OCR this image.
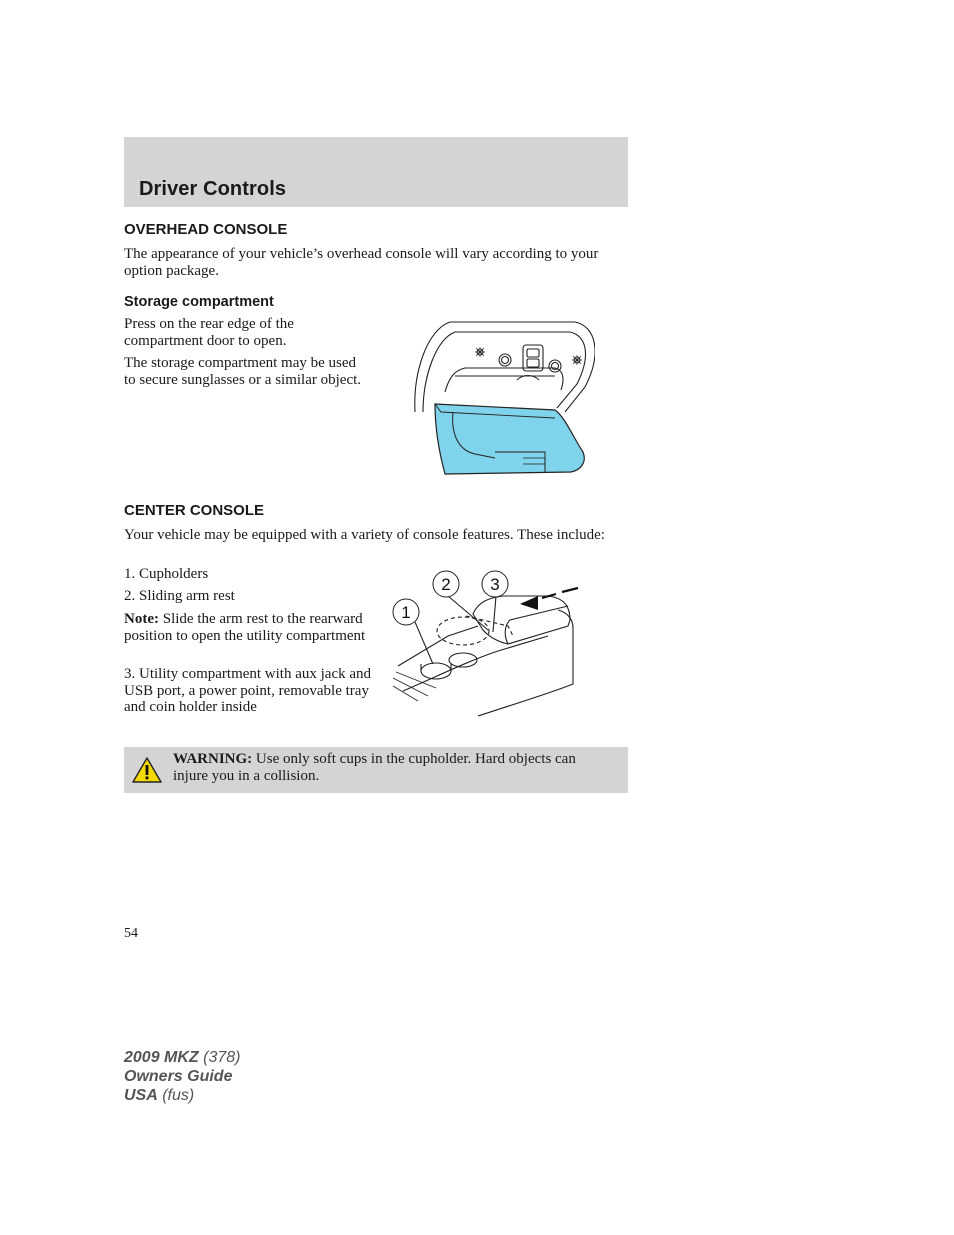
Driver Controls
OVERHEAD CONSOLE

The appearance of your vehicle’s overhead console will vary according to your option package.

Storage compartment

Press on the rear edge of the compartment door to open.

The storage compartment may be used to secure sunglasses or a similar object.

CENTER CONSOLE

Your vehicle may be equipped with a variety of console features. These include:

1. Cupholders

2. Sliding arm rest

Note: Slide the arm rest to the rearward position to open the utility compartment

3. Utility compartment with aux jack and USB port, a power point, removable tray and coin holder inside

1
2 3
WARNING: Use only soft cups in the cupholder. Hard objects can injure you in a collision.
54
2009 MKZ (378)
Owners Guide
USA (fus)
